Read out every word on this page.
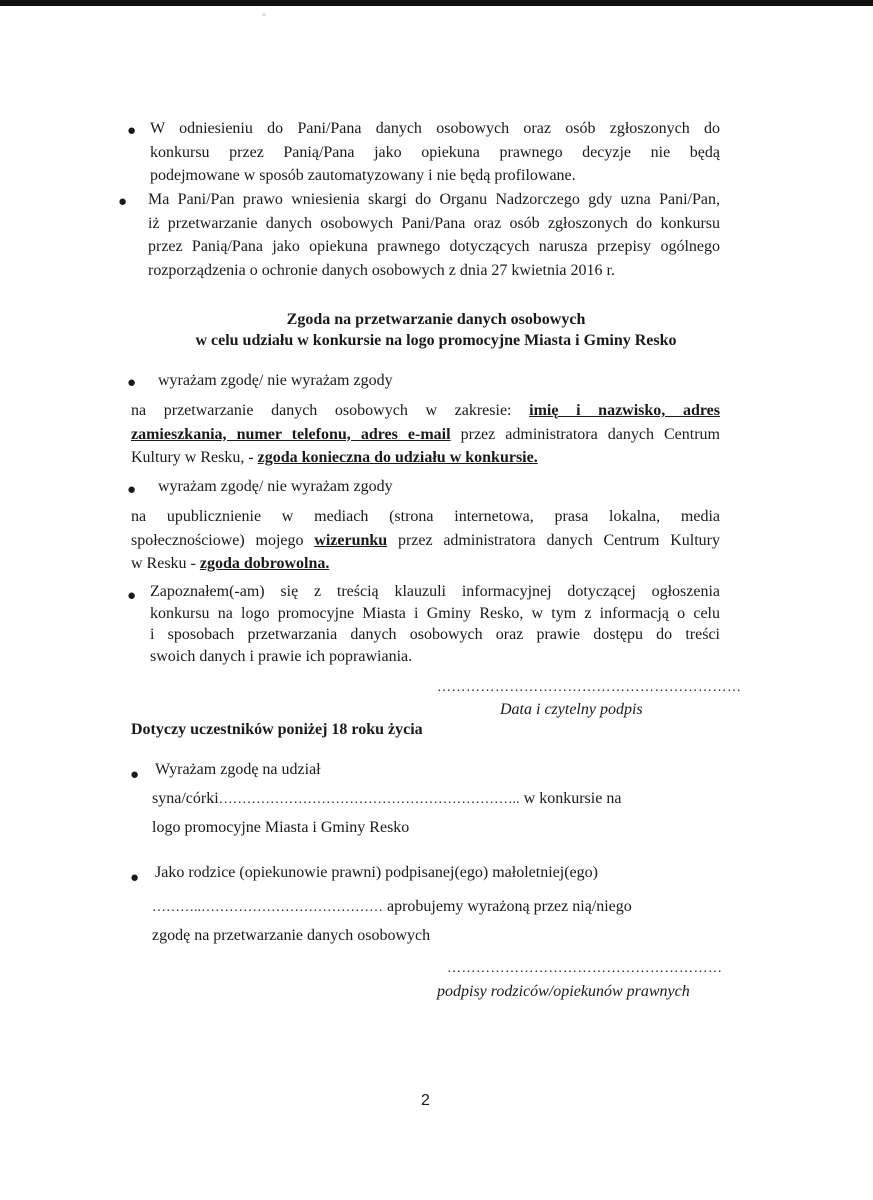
°
● W odniesieniu do Pani/Pana danych osobowych oraz osób zgłoszonych do
konkursu przez Panią/Pana jako opiekuna prawnego decyzje nie będą
podejmowane w sposób zautomatyzowany i nie będą profilowane.
● Ma Pani/Pan prawo wniesienia skargi do Organu Nadzorczego gdy uzna Pani/Pan,
iż przetwarzanie danych osobowych Pani/Pana oraz osób zgłoszonych do konkursu
przez Panią/Pana jako opiekuna prawnego dotyczących narusza przepisy ogólnego
rozporządzenia o ochronie danych osobowych z dnia 27 kwietnia 2016 r.
Zgoda na przetwarzanie danych osobowych
w celu udziału w konkursie na logo promocyjne Miasta i Gminy Resko
● wyrażam zgodę/ nie wyrażam zgody
na przetwarzanie danych osobowych w zakresie: imię i nazwisko, adres
zamieszkania, numer telefonu, adres e-mail przez administratora danych Centrum
Kultury w Resku, - zgoda konieczna do udziału w konkursie.
● wyrażam zgodę/ nie wyrażam zgody
na upublicznienie w mediach (strona internetowa, prasa lokalna, media
społecznościowe) mojego wizerunku przez administratora danych Centrum Kultury
w Resku - zgoda dobrowolna.
● Zapoznałem(-am) się z treścią klauzuli informacyjnej dotyczącej ogłoszenia
konkursu na logo promocyjne Miasta i Gminy Resko, w tym z informacją o celu
i sposobach przetwarzania danych osobowych oraz prawie dostępu do treści
swoich danych i prawie ich poprawiania.
………………………………………………………
Data i czytelny podpis
Dotyczy uczestników poniżej 18 roku życia
● Wyrażam zgodę na udział
syna/córki……………………………………………………….. w konkursie na
logo promocyjne Miasta i Gminy Resko
● Jako rodzice (opiekunowie prawni) podpisanej(ego) małoletniej(ego)
………..………………………………… aprobujemy wyrażoną przez nią/niego
zgodę na przetwarzanie danych osobowych
…………………………………………………
podpisy rodziców/opiekunów prawnych
2
